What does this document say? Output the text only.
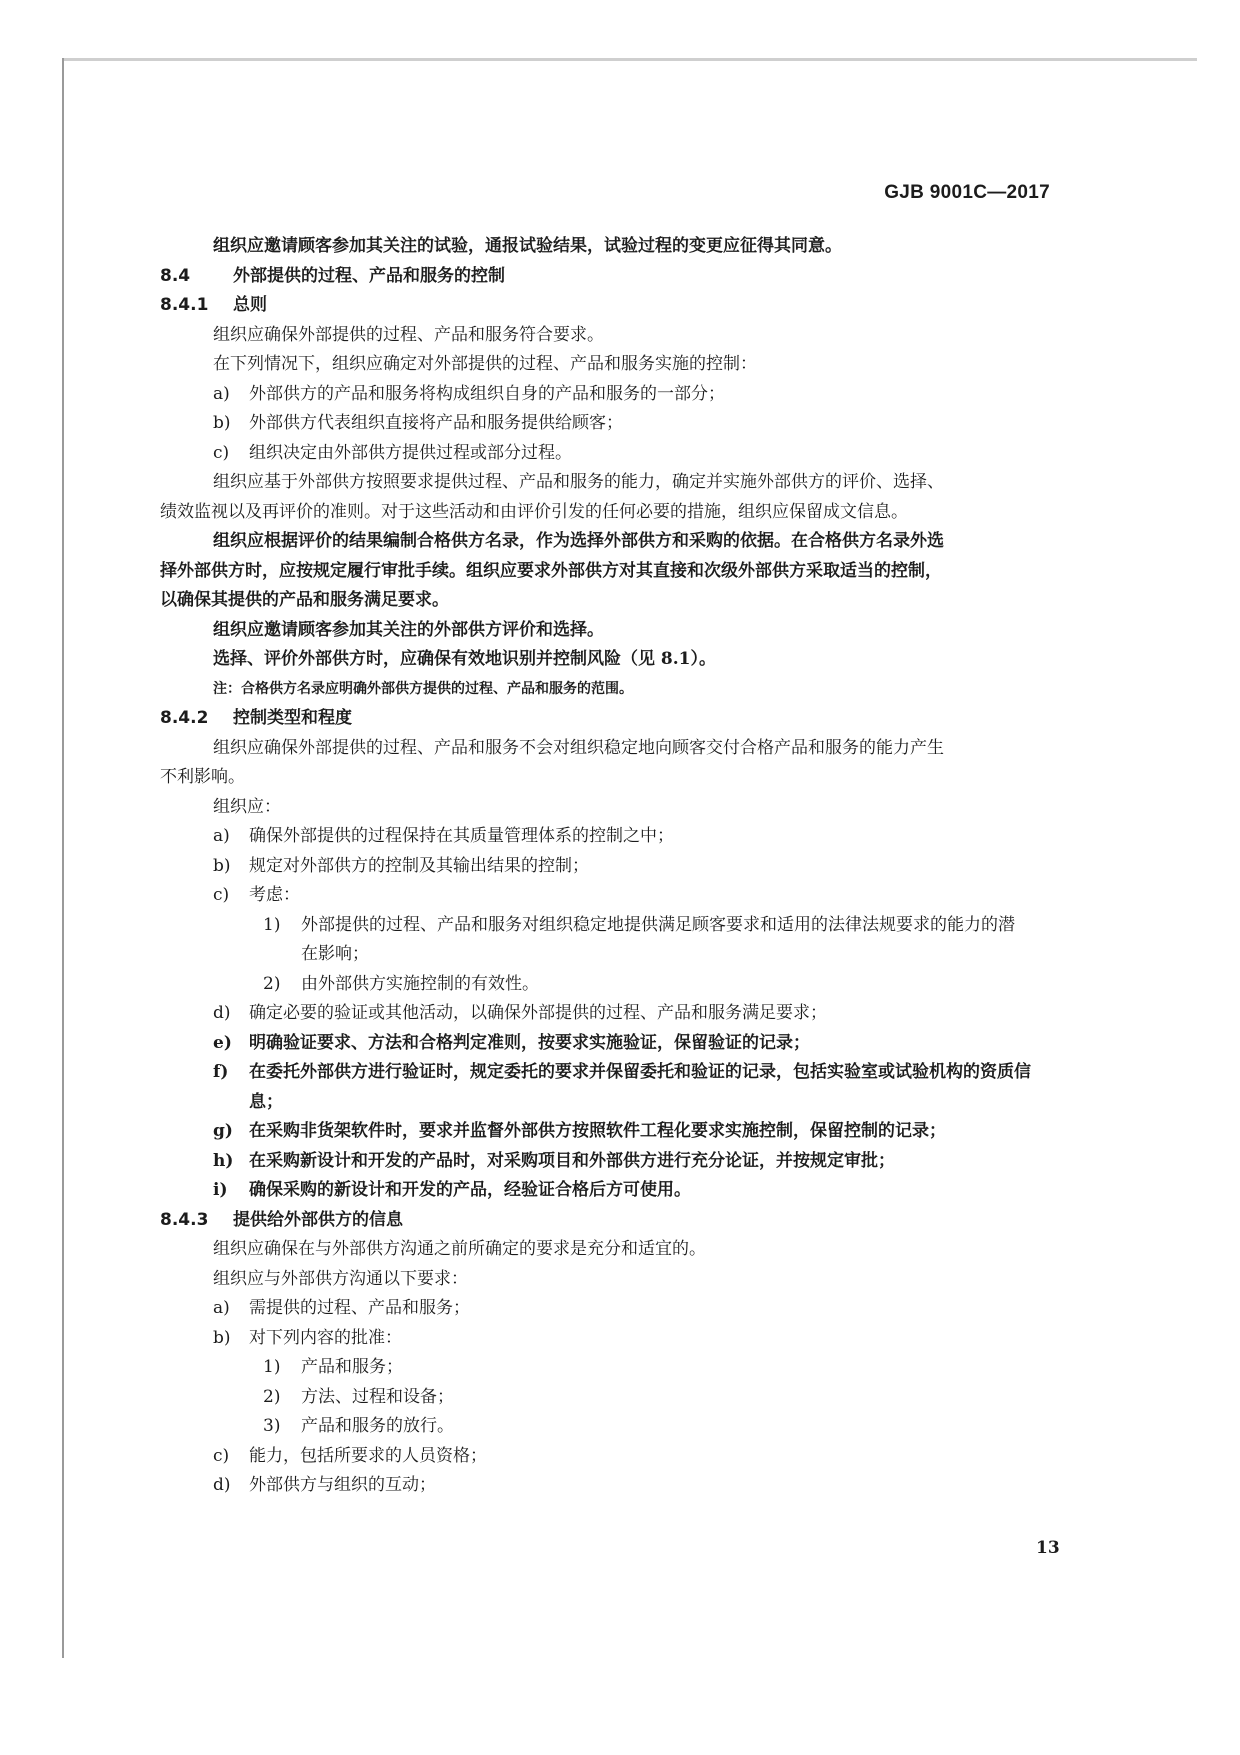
GJB 9001C—2017
组织应邀请顾客参加其关注的试验，通报试验结果，试验过程的变更应征得其同意。
8.4	外部提供的过程、产品和服务的控制
8.4.1 总则
组织应确保外部提供的过程、产品和服务符合要求。
在下列情况下，组织应确定对外部提供的过程、产品和服务实施的控制：
a) 外部供方的产品和服务将构成组织自身的产品和服务的一部分；
b) 外部供方代表组织直接将产品和服务提供给顾客；
c) 组织决定由外部供方提供过程或部分过程。
组织应基于外部供方按照要求提供过程、产品和服务的能力，确定并实施外部供方的评价、选择、
绩效监视以及再评价的准则。对于这些活动和由评价引发的任何必要的措施，组织应保留成文信息。
组织应根据评价的结果编制合格供方名录，作为选择外部供方和采购的依据。在合格供方名录外选
择外部供方时，应按规定履行审批手续。组织应要求外部供方对其直接和次级外部供方采取适当的控制，
以确保其提供的产品和服务满足要求。
组织应邀请顾客参加其关注的外部供方评价和选择。
选择、评价外部供方时，应确保有效地识别并控制风险（见 8.1）。
注：合格供方名录应明确外部供方提供的过程、产品和服务的范围。
8.4.2 控制类型和程度
组织应确保外部提供的过程、产品和服务不会对组织稳定地向顾客交付合格产品和服务的能力产生
不利影响。
组织应：
a) 确保外部提供的过程保持在其质量管理体系的控制之中；
b) 规定对外部供方的控制及其输出结果的控制；
c) 考虑：
1)	外部提供的过程、产品和服务对组织稳定地提供满足顾客要求和适用的法律法规要求的能力的潜在影响；
2) 由外部供方实施控制的有效性。
d) 确定必要的验证或其他活动，以确保外部提供的过程、产品和服务满足要求；
e) 明确验证要求、方法和合格判定准则，按要求实施验证，保留验证的记录；
f)	在委托外部供方进行验证时，规定委托的要求并保留委托和验证的记录，包括实验室或试验机构的资质信息；
g) 在采购非货架软件时，要求并监督外部供方按照软件工程化要求实施控制，保留控制的记录；
h) 在采购新设计和开发的产品时，对采购项目和外部供方进行充分论证，并按规定审批；
i) 确保采购的新设计和开发的产品，经验证合格后方可使用。
8.4.3 提供给外部供方的信息
组织应确保在与外部供方沟通之前所确定的要求是充分和适宜的。
组织应与外部供方沟通以下要求：
a) 需提供的过程、产品和服务；
b) 对下列内容的批准：
1) 产品和服务；
2) 方法、过程和设备；
3) 产品和服务的放行。
c) 能力，包括所要求的人员资格；
d) 外部供方与组织的互动；
13
